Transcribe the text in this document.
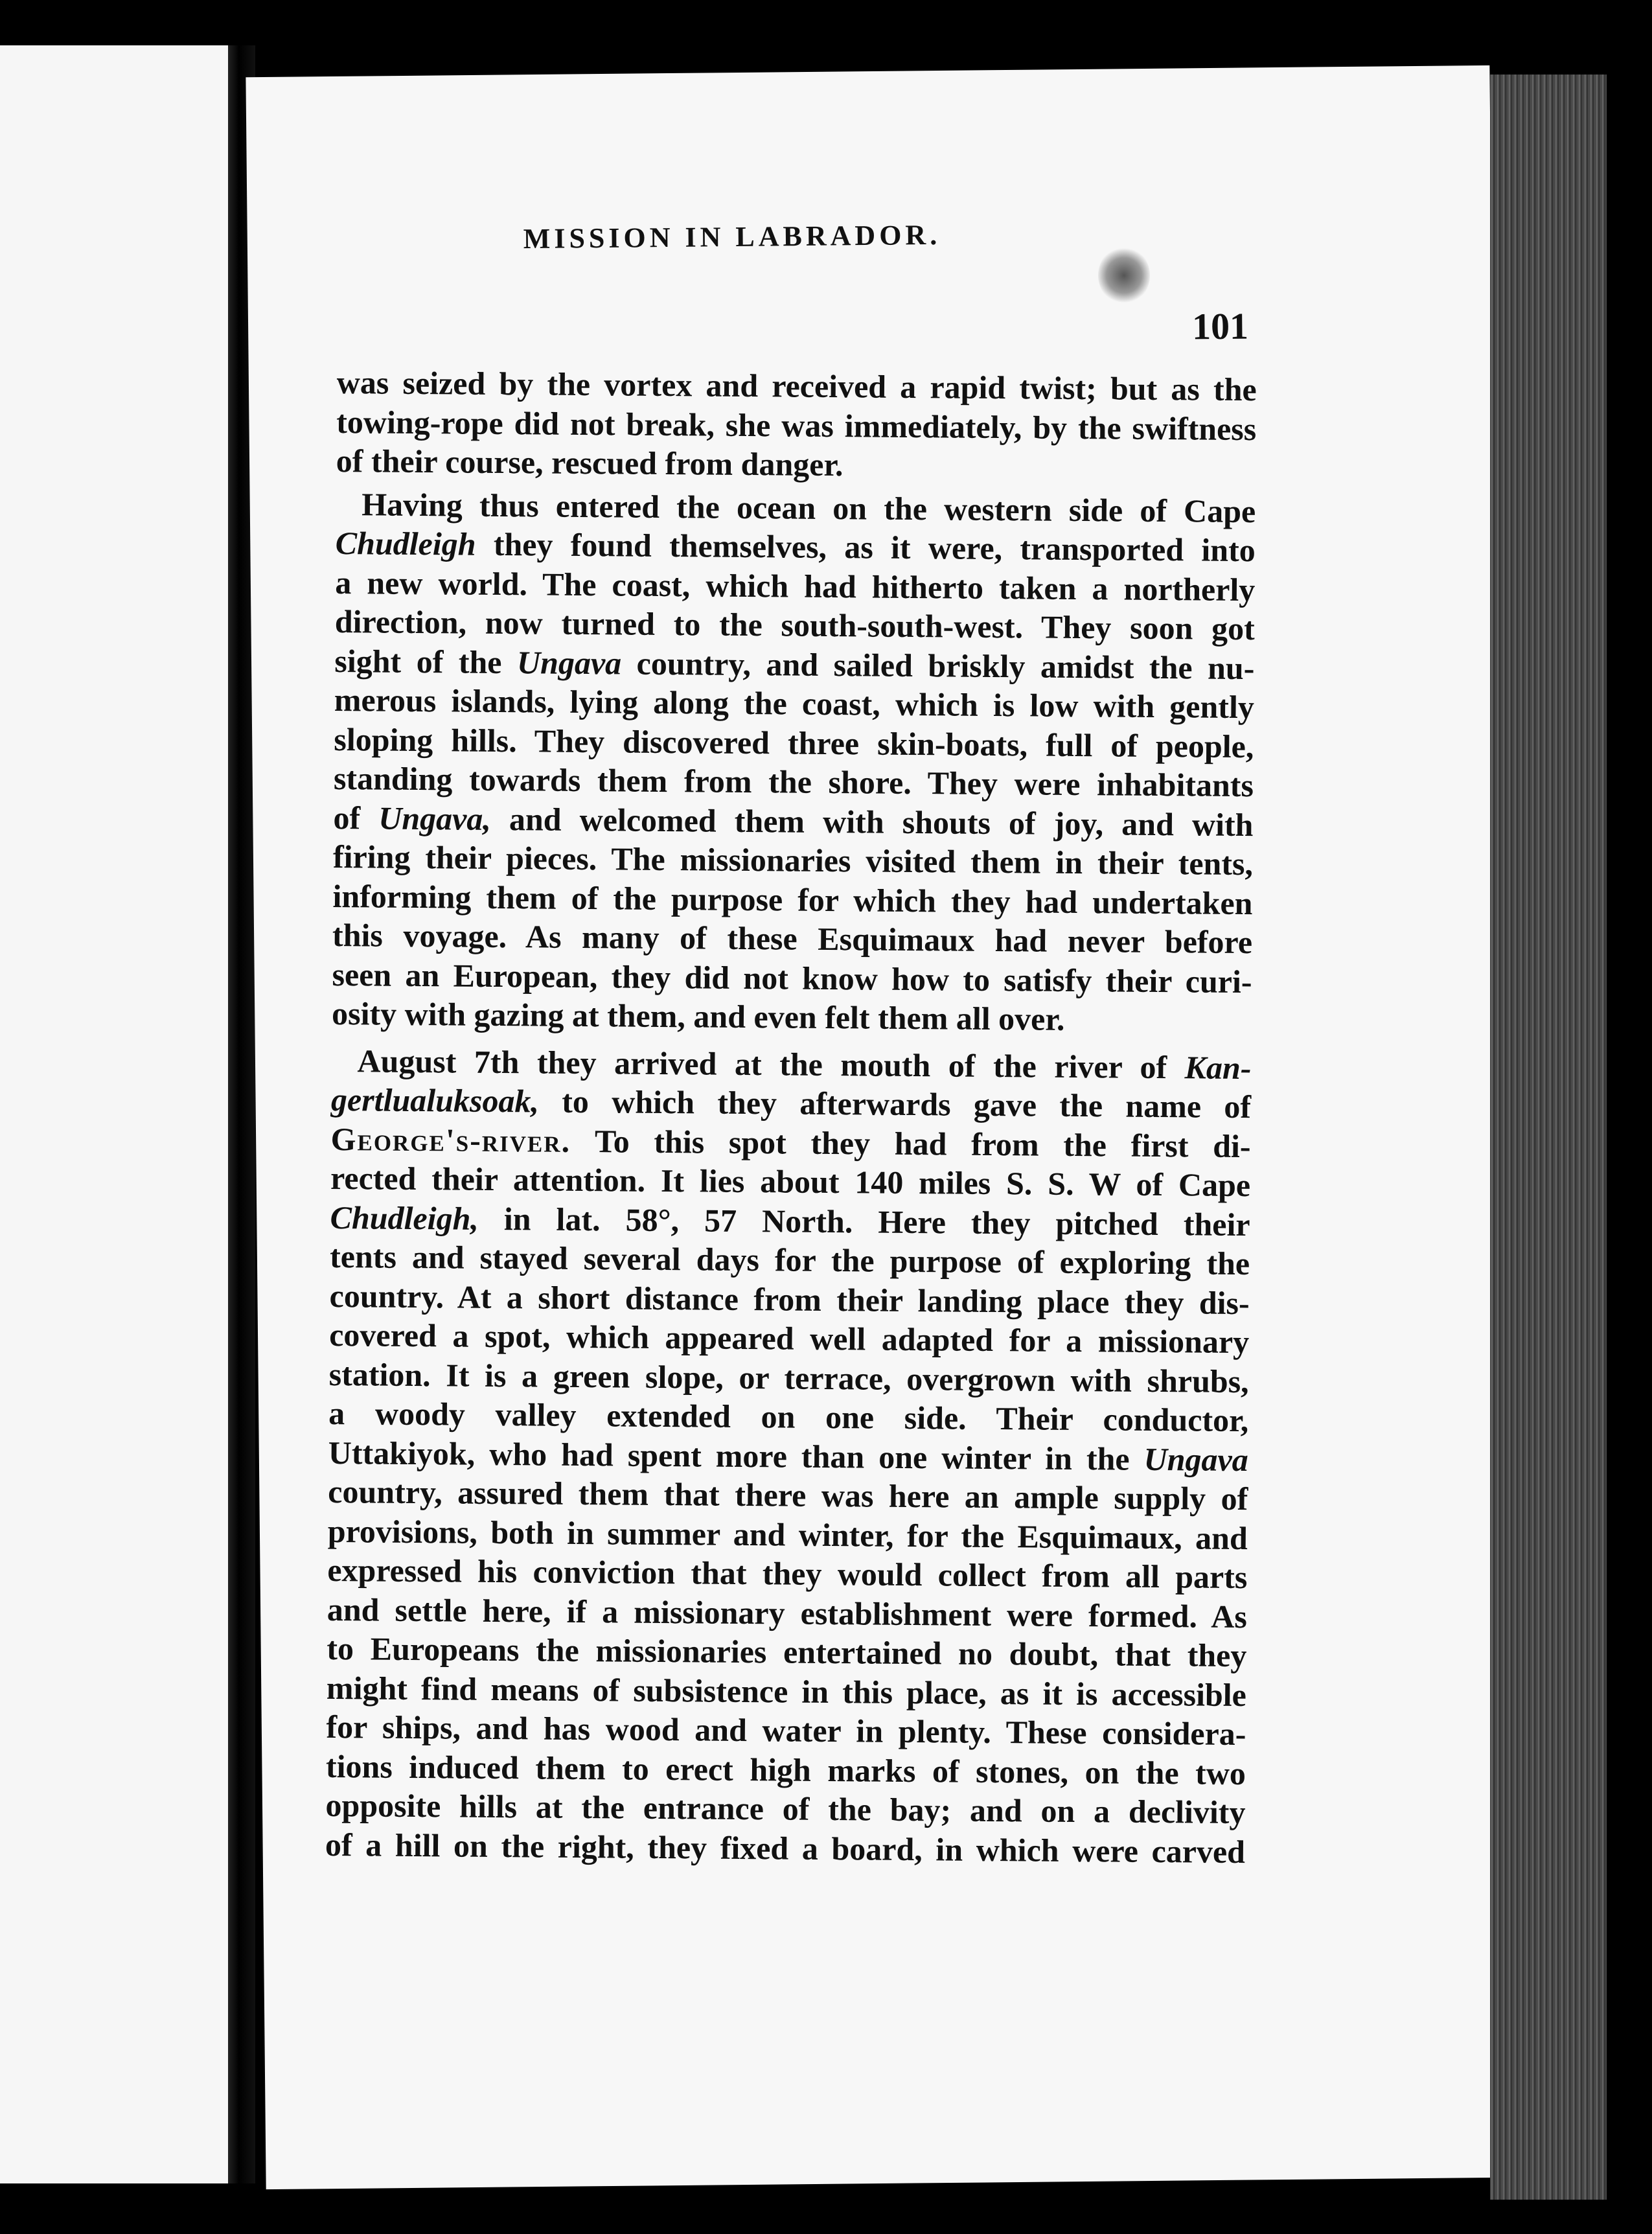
MISSION IN LABRADOR.
101
was seized by the vortex and received a rapid twist; but as the
towing-rope did not break, she was immediately, by the swiftness
of their course, rescued from danger.
Having thus entered the ocean on the western side of Cape
Chudleigh they found themselves, as it were, transported into
a new world. The coast, which had hitherto taken a northerly
direction, now turned to the south-south-west. They soon got
sight of the Ungava country, and sailed briskly amidst the nu-
merous islands, lying along the coast, which is low with gently
sloping hills. They discovered three skin-boats, full of people,
standing towards them from the shore. They were inhabitants
of Ungava, and welcomed them with shouts of joy, and with
firing their pieces. The missionaries visited them in their tents,
informing them of the purpose for which they had undertaken
this voyage. As many of these Esquimaux had never before
seen an European, they did not know how to satisfy their curi-
osity with gazing at them, and even felt them all over.
August 7th they arrived at the mouth of the river of Kan-
gertlualuksoak, to which they afterwards gave the name of
George's-river. To this spot they had from the first di-
rected their attention. It lies about 140 miles S. S. W of Cape
Chudleigh, in lat. 58°, 57 North. Here they pitched their
tents and stayed several days for the purpose of exploring the
country. At a short distance from their landing place they dis-
covered a spot, which appeared well adapted for a missionary
station. It is a green slope, or terrace, overgrown with shrubs,
a woody valley extended on one side. Their conductor,
Uttakiyok, who had spent more than one winter in the Ungava
country, assured them that there was here an ample supply of
provisions, both in summer and winter, for the Esquimaux, and
expressed his conviction that they would collect from all parts
and settle here, if a missionary establishment were formed. As
to Europeans the missionaries entertained no doubt, that they
might find means of subsistence in this place, as it is accessible
for ships, and has wood and water in plenty. These considera-
tions induced them to erect high marks of stones, on the two
opposite hills at the entrance of the bay; and on a declivity
of a hill on the right, they fixed a board, in which were carved
